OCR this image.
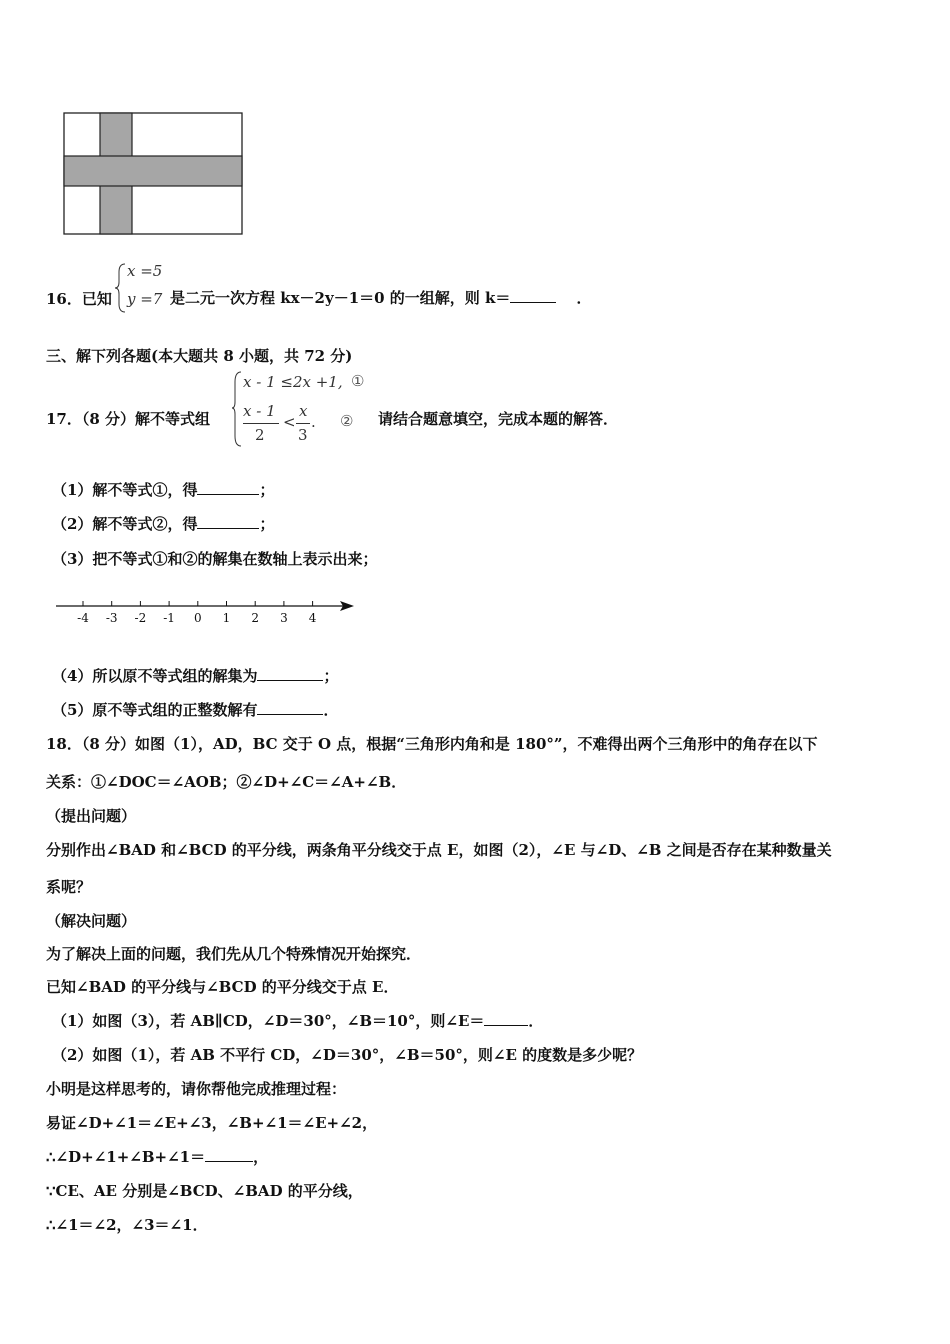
16．已知
x =5
y =7 是二元一次方程 kx－2y－1＝0 的一组解，则 k＝	．
三、解下列各题(本大题共 8 小题，共 72 分)
17．（8 分）解不等式组
x - 1 ≤2x +1, ①
x - 1
2
<
x
3
. ② 请结合题意填空，完成本题的解答．
（1）解不等式①，得	；
（2）解不等式②，得	；
（3）把不等式①和②的解集在数轴上表示出来；
-4 -3 -2 -1 0 1 2 3 4
（4）所以原不等式组的解集为	；
（5）原不等式组的正整数解有	．
18．（8 分）如图（1），AD，BC 交于 O 点，根据“三角形内角和是 180°”，不难得出两个三角形中的角存在以下
关系：①∠DOC＝∠AOB；②∠D+∠C＝∠A+∠B．
（提出问题）
分别作出∠BAD 和∠BCD 的平分线，两条角平分线交于点 E，如图（2），∠E 与∠D、∠B 之间是否存在某种数量关
系呢？
（解决问题）
为了解决上面的问题，我们先从几个特殊情况开始探究．
已知∠BAD 的平分线与∠BCD 的平分线交于点 E．
（1）如图（3），若 AB∥CD，∠D＝30°，∠B＝10°，则∠E＝	．
（2）如图（1），若 AB 不平行 CD，∠D＝30°，∠B＝50°，则∠E 的度数是多少呢？
小明是这样思考的，请你帮他完成推理过程：
易证∠D+∠1＝∠E+∠3，∠B+∠1＝∠E+∠2，
∴∠D+∠1+∠B+∠1＝	，
∵CE、AE 分别是∠BCD、∠BAD 的平分线，
∴∠1＝∠2，∠3＝∠1．
